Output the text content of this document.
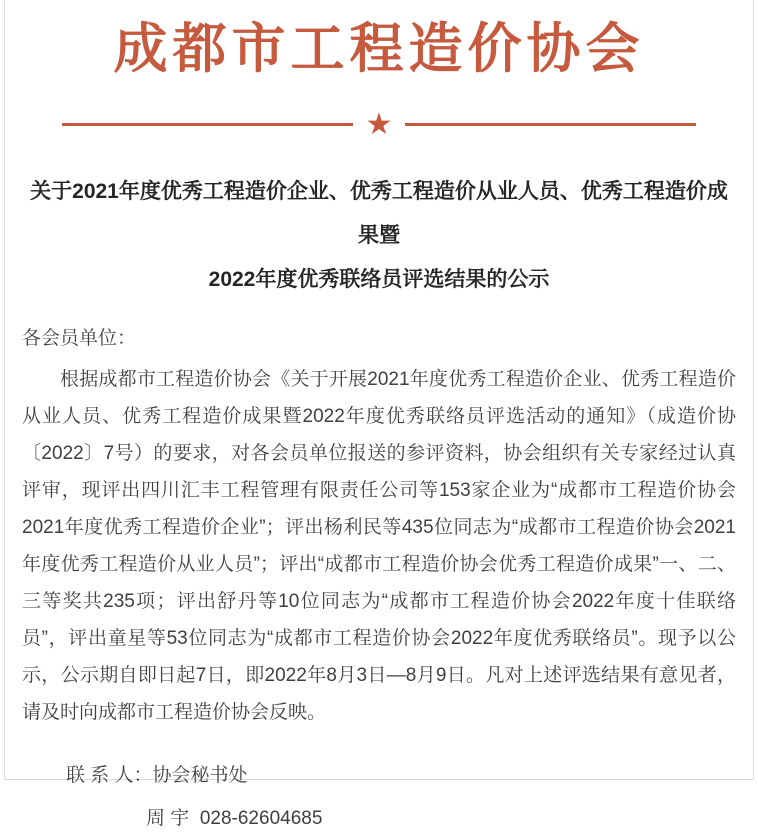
成都市工程造价协会
★
关于2021年度优秀工程造价企业、优秀工程造价从业人员、优秀工程造价成果暨
2022年度优秀联络员评选结果的公示
各会员单位：
根据成都市工程造价协会《关于开展2021年度优秀工程造价企业、优秀工程造价从业人员、优秀工程造价成果暨2022年度优秀联络员评选活动的通知》（成造价协〔2022〕7号）的要求，对各会员单位报送的参评资料，协会组织有关专家经过认真评审，现评出四川汇丰工程管理有限责任公司等153家企业为“成都市工程造价协会2021年度优秀工程造价企业”；评出杨利民等435位同志为“成都市工程造价协会2021年度优秀工程造价从业人员”；评出“成都市工程造价协会优秀工程造价成果”一、二、三等奖共235项；评出舒丹等10位同志为“成都市工程造价协会2022年度十佳联络员”，评出童星等53位同志为“成都市工程造价协会2022年度优秀联络员”。现予以公示，公示期自即日起7日，即2022年8月3日—8月9日。凡对上述评选结果有意见者，请及时向成都市工程造价协会反映。
联 系 人：协会秘书处
周 宇  028-62604685
